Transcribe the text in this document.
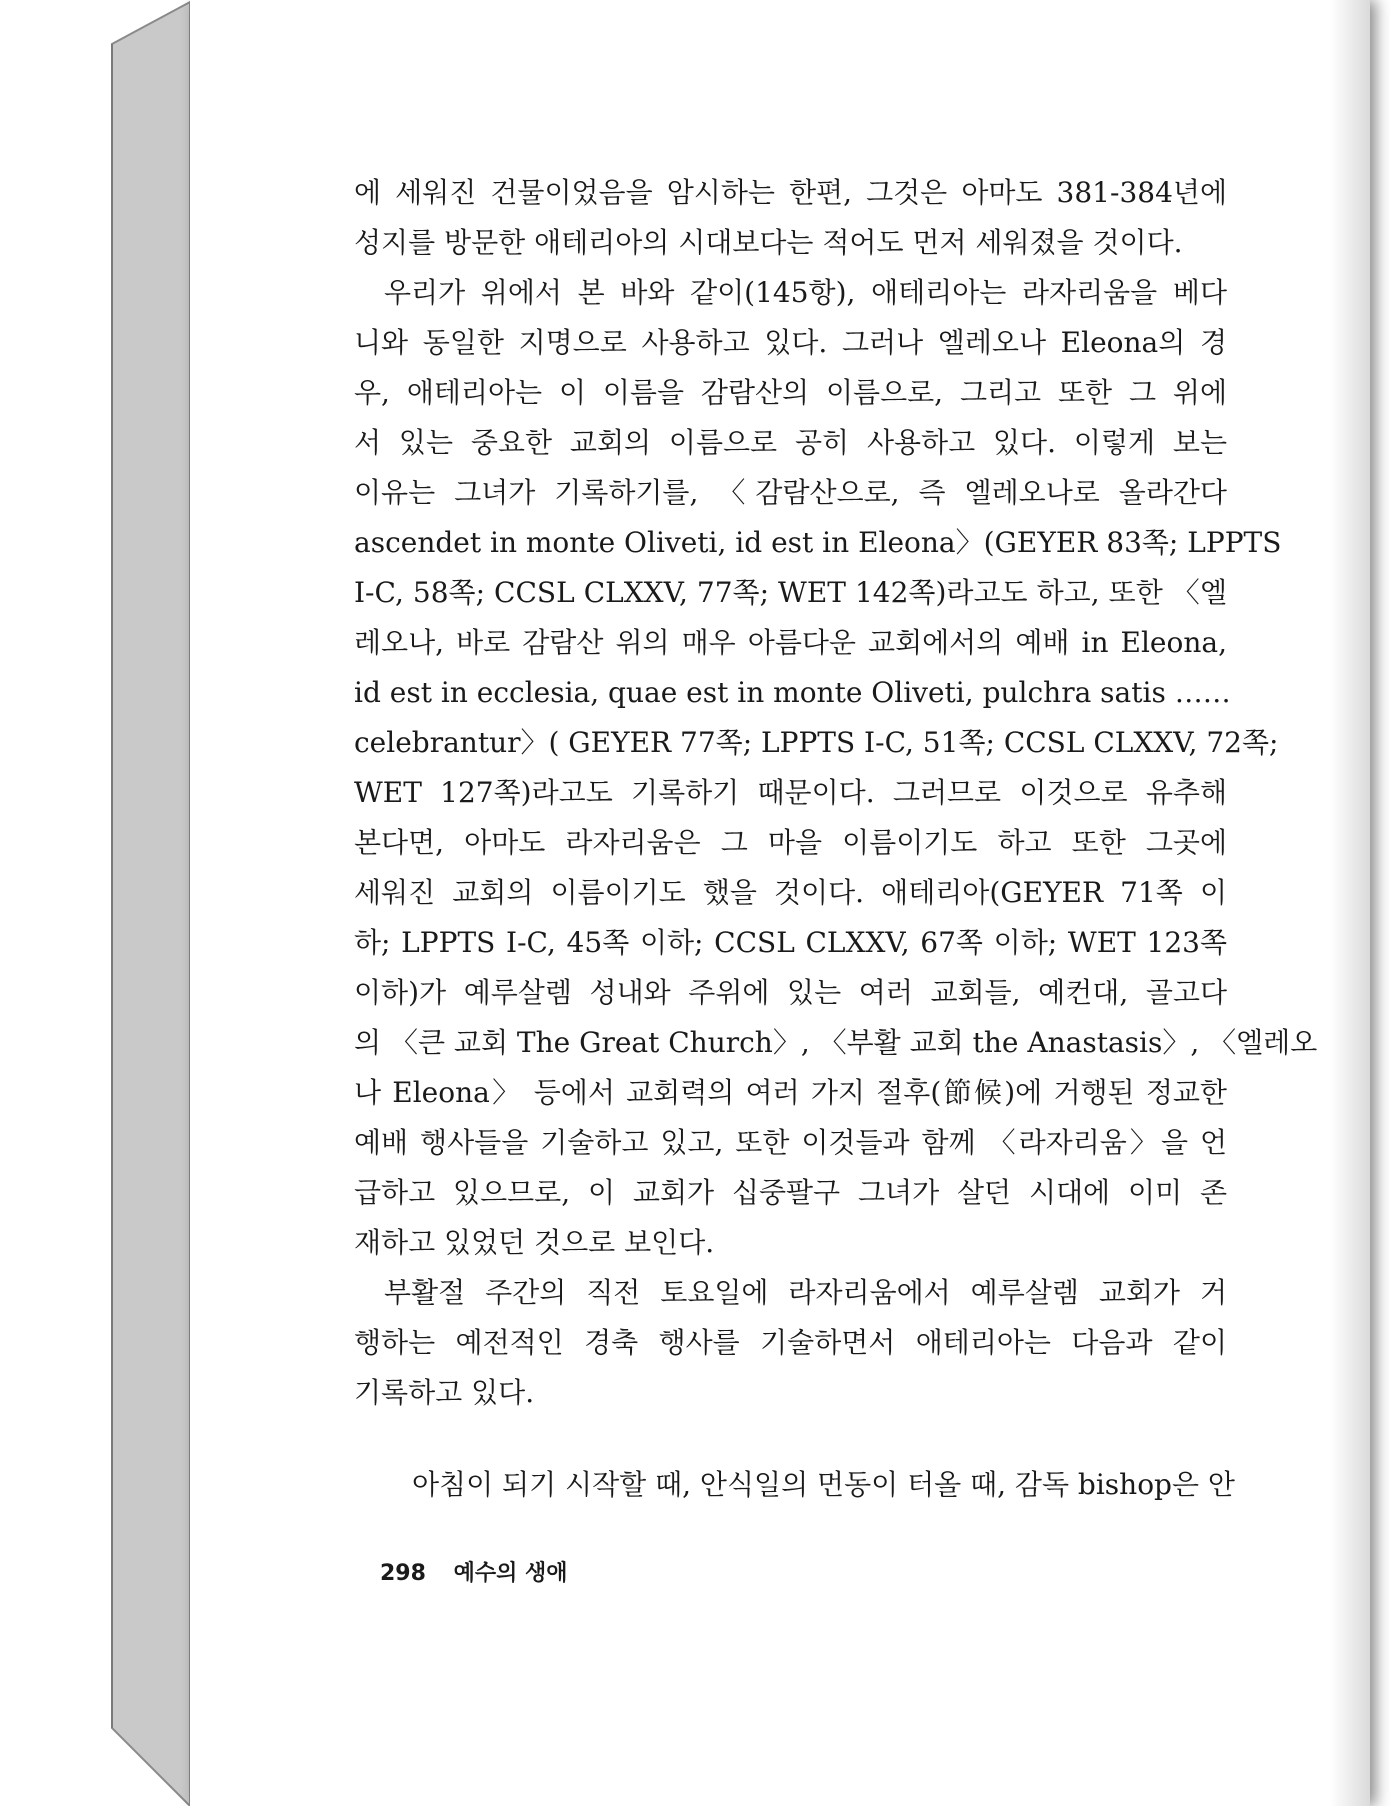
에 세워진 건물이었음을 암시하는 한편, 그것은 아마도 381-384년에
성지를 방문한 애테리아의 시대보다는 적어도 먼저 세워졌을 것이다.
우리가 위에서 본 바와 같이(145항), 애테리아는 라자리움을 베다
니와 동일한 지명으로 사용하고 있다. 그러나 엘레오나 Eleona의 경
우, 애테리아는 이 이름을 감람산의 이름으로, 그리고 또한 그 위에
서 있는 중요한 교회의 이름으로 공히 사용하고 있다. 이렇게 보는
이유는 그녀가 기록하기를, 〈감람산으로, 즉 엘레오나로 올라간다
ascendet in monte Oliveti, id est in Eleona〉(GEYER 83쪽; LPPTS
I-C, 58쪽; CCSL CLXXV, 77쪽; WET 142쪽)라고도 하고, 또한 〈엘
레오나, 바로 감람산 위의 매우 아름다운 교회에서의 예배 in Eleona,
id est in ecclesia, quae est in monte Oliveti, pulchra satis ……
celebrantur〉( GEYER 77쪽; LPPTS I-C, 51쪽; CCSL CLXXV, 72쪽;
WET 127쪽)라고도 기록하기 때문이다. 그러므로 이것으로 유추해
본다면, 아마도 라자리움은 그 마을 이름이기도 하고 또한 그곳에
세워진 교회의 이름이기도 했을 것이다. 애테리아(GEYER 71쪽 이
하; LPPTS I-C, 45쪽 이하; CCSL CLXXV, 67쪽 이하; WET 123쪽
이하)가 예루살렘 성내와 주위에 있는 여러 교회들, 예컨대, 골고다
의 〈큰 교회 The Great Church〉, 〈부활 교회 the Anastasis〉, 〈엘레오
나 Eleona〉 등에서 교회력의 여러 가지 절후(節候)에 거행된 정교한
예배 행사들을 기술하고 있고, 또한 이것들과 함께 〈라자리움〉을 언
급하고 있으므로, 이 교회가 십중팔구 그녀가 살던 시대에 이미 존
재하고 있었던 것으로 보인다.
부활절 주간의 직전 토요일에 라자리움에서 예루살렘 교회가 거
행하는 예전적인 경축 행사를 기술하면서 애테리아는 다음과 같이
기록하고 있다.
아침이 되기 시작할 때, 안식일의 먼동이 터올 때, 감독 bishop은 안
298 예수의 생애
